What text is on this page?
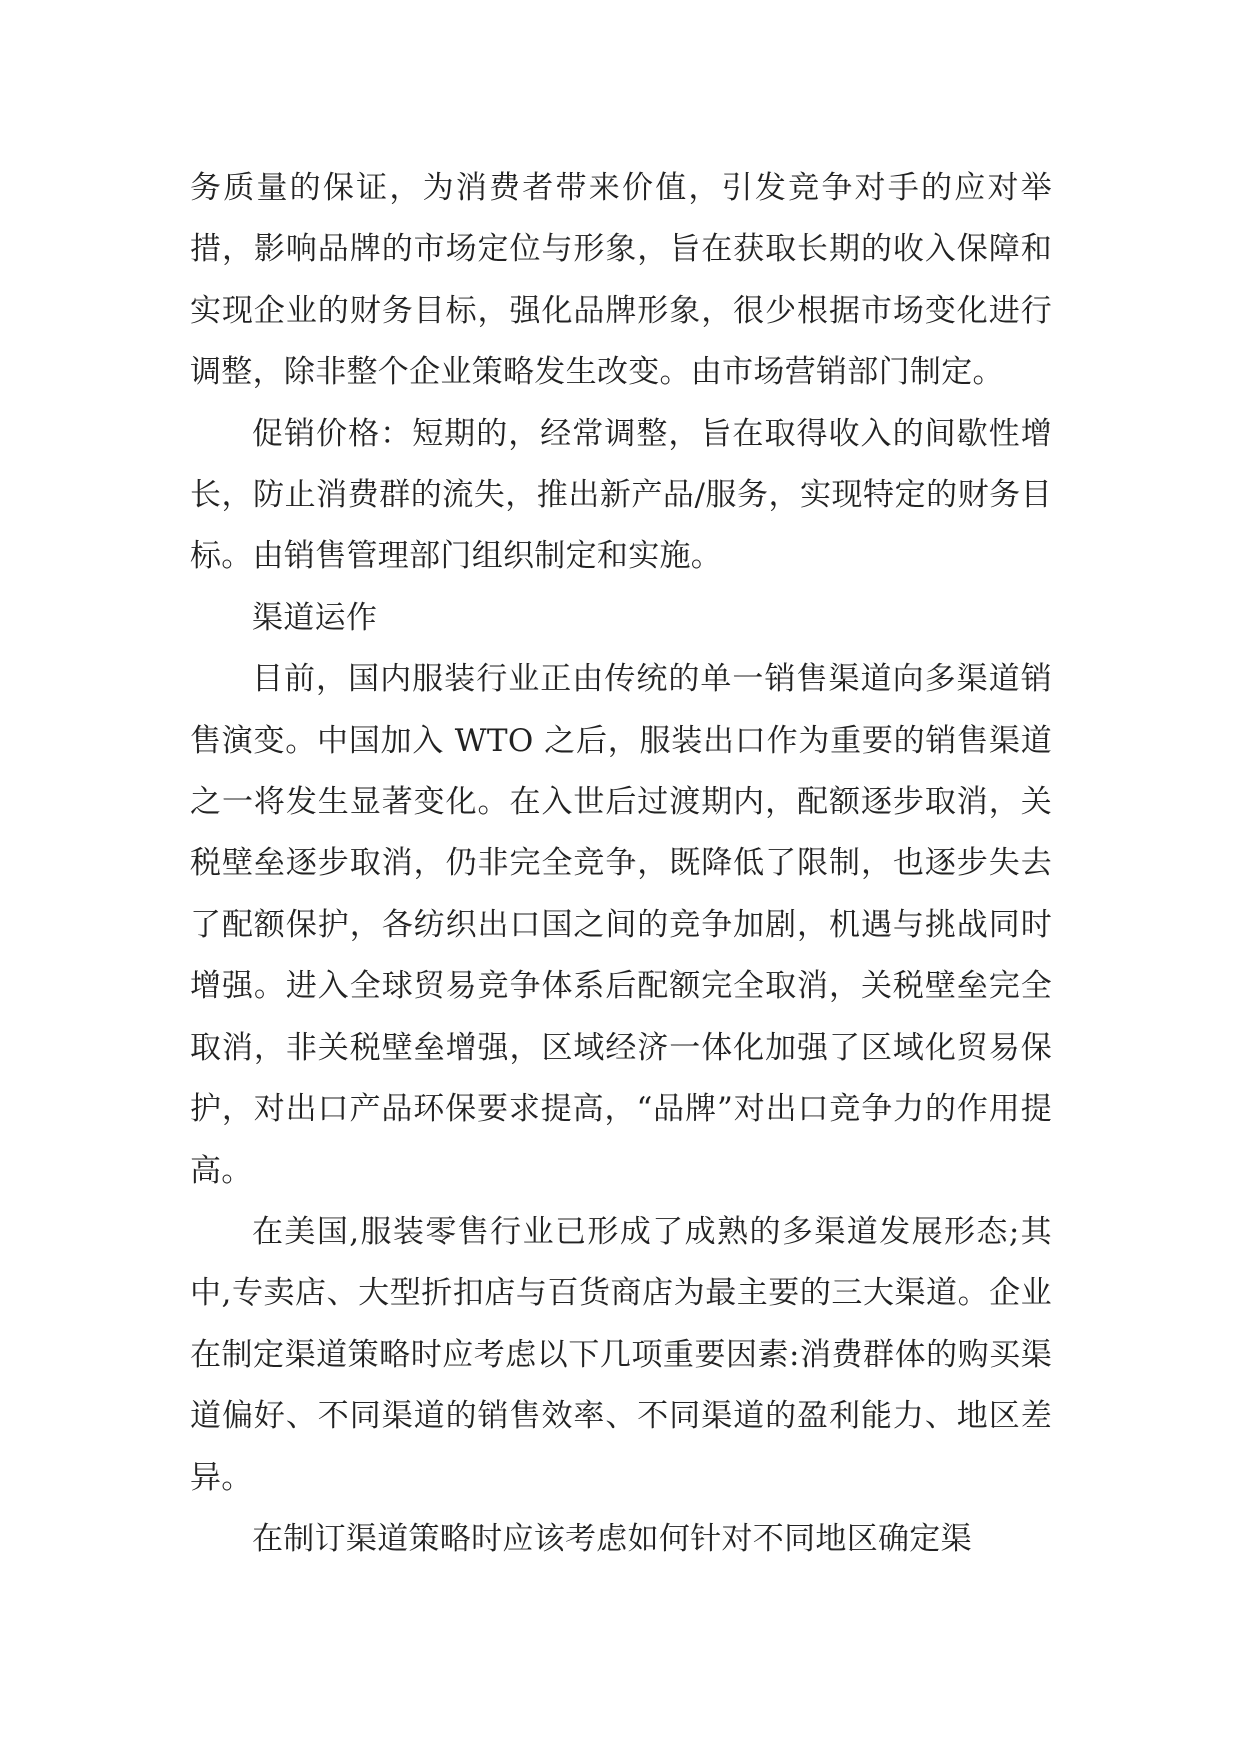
务质量的保证，为消费者带来价值，引发竞争对手的应对举措，影响品牌的市场定位与形象，旨在获取长期的收入保障和实现企业的财务目标，强化品牌形象，很少根据市场变化进行调整，除非整个企业策略发生改变。由市场营销部门制定。

促销价格：短期的，经常调整，旨在取得收入的间歇性增长，防止消费群的流失，推出新产品/服务，实现特定的财务目标。由销售管理部门组织制定和实施。

渠道运作

目前，国内服装行业正由传统的单一销售渠道向多渠道销售演变。中国加入 WTO 之后，服装出口作为重要的销售渠道之一将发生显著变化。在入世后过渡期内，配额逐步取消，关税壁垒逐步取消，仍非完全竞争，既降低了限制，也逐步失去了配额保护，各纺织出口国之间的竞争加剧，机遇与挑战同时增强。进入全球贸易竞争体系后配额完全取消，关税壁垒完全取消，非关税壁垒增强，区域经济一体化加强了区域化贸易保护，对出口产品环保要求提高，“品牌”对出口竞争力的作用提高。

在美国,服装零售行业已形成了成熟的多渠道发展形态;其中,专卖店、大型折扣店与百货商店为最主要的三大渠道。企业在制定渠道策略时应考虑以下几项重要因素:消费群体的购买渠道偏好、不同渠道的销售效率、不同渠道的盈利能力、地区差异。

在制订渠道策略时应该考虑如何针对不同地区确定渠
